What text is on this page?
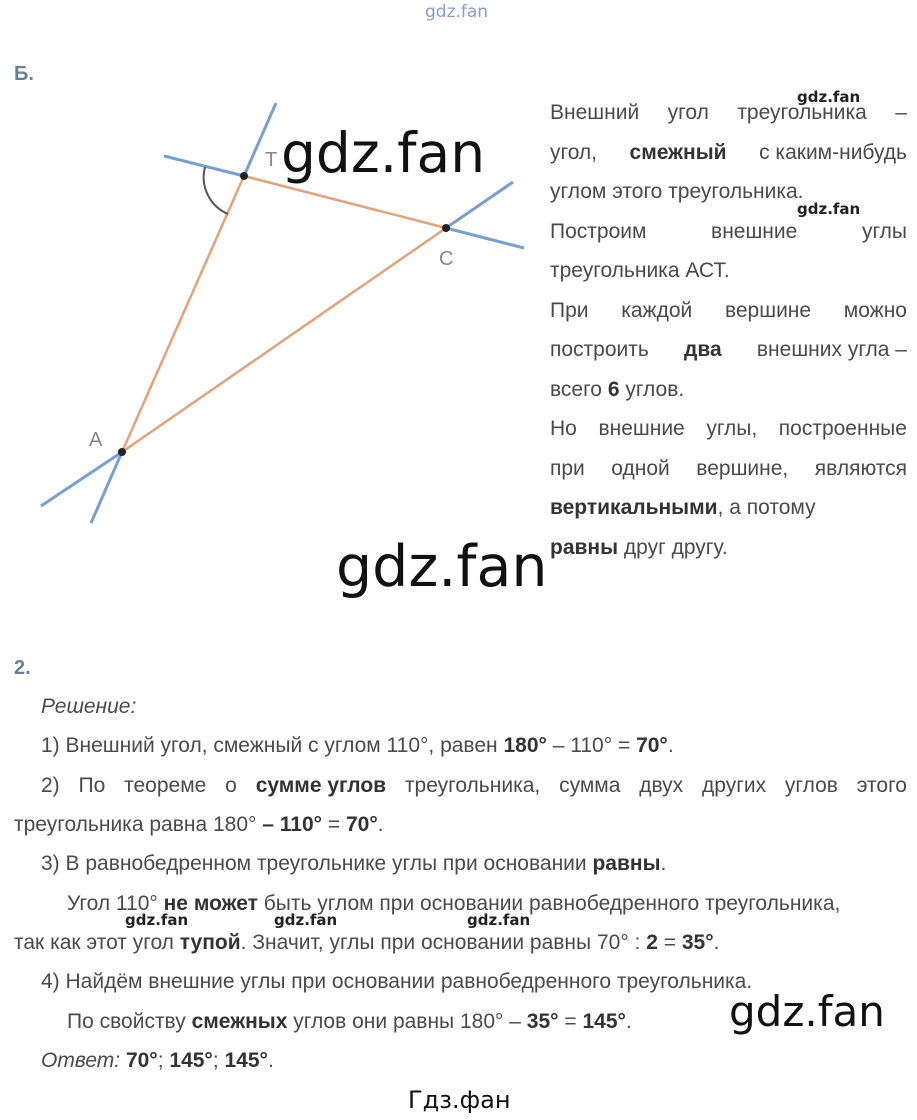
gdz.fan
Б.
T
C
A
gdz.fan
Внешний угол треугольника –
угол, смежный с каким-нибудь
углом этого треугольника.
Построим	внешние	углы
треугольника АСТ.
При каждой вершине можно
построить два внешних угла –
всего 6 углов.
Но внешние углы, построенные
при одной вершине, являются
вертикальными, а потому
равны друг другу.
gdz.fan
gdz.fan
gdz.fan
2.
Решение:
1) Внешний угол, смежный с углом 110°, равен 180° – 110° = 70°.
2) По теореме о сумме углов треугольника, сумма двух других углов этого
треугольника равна 180° – 110° = 70°.
3) В равнобедренном треугольнике углы при основании равны.
Угол 110° не может быть углом при основании равнобедренного треугольника,
gdz.fan	gdz.fan	gdz.fan
так как этот угол тупой. Значит, углы при основании равны 70° : 2 = 35°.
4) Найдём внешние углы при основании равнобедренного треугольника.
По свойству смежных углов они равны 180° – 35° = 145°. gdz.fan
Ответ: 70°; 145°; 145°.
Гдз.фан
